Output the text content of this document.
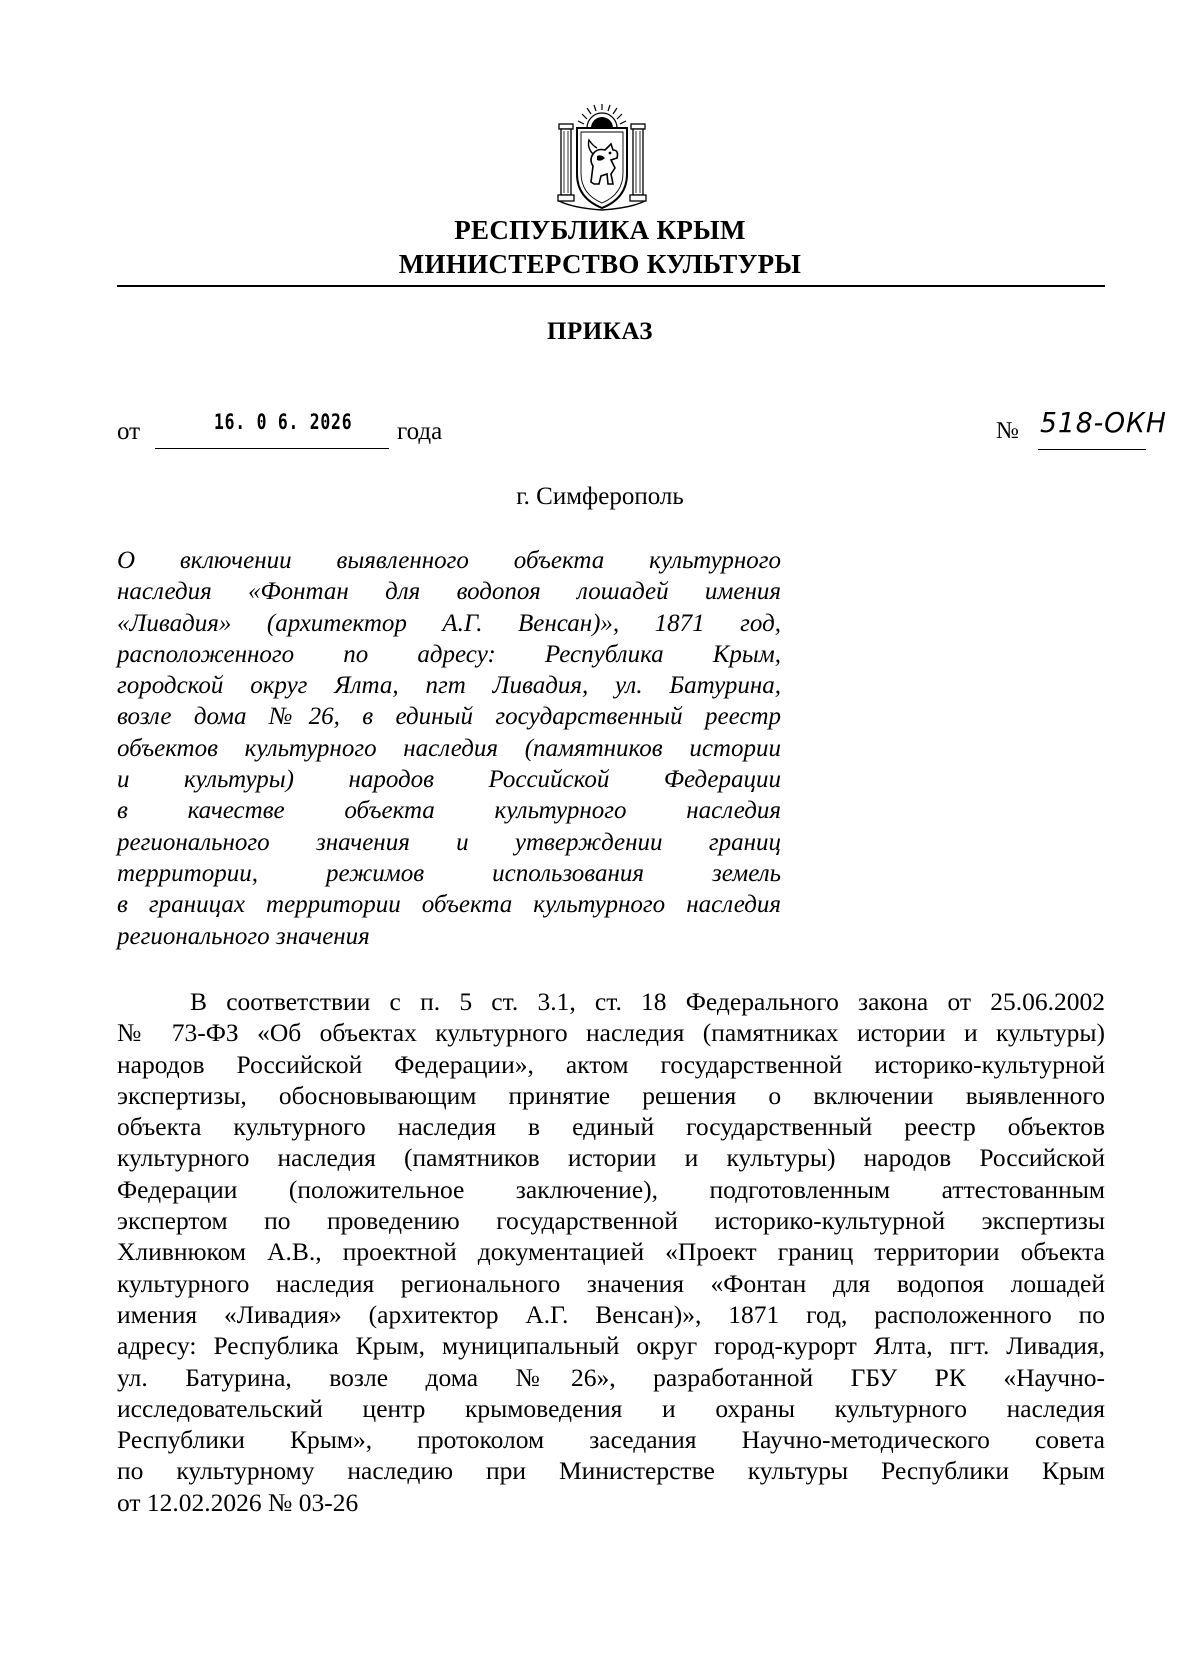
РЕСПУБЛИКА КРЫМ
МИНИСТЕРСТВО КУЛЬТУРЫ
ПРИКАЗ
от	16. 0 6. 2026 года	№ 518-ОКН
г. Симферополь
О включении выявленного объекта культурного
наследия «Фонтан для водопоя лошадей имения
«Ливадия» (архитектор А.Г. Венсан)», 1871 год,
расположенного по адресу: Республика Крым,
городской округ Ялта, пгт Ливадия, ул. Батурина,
возле дома №26, в единый государственный реестр
объектов культурного наследия (памятников истории
и культуры) народов Российской Федерации
в качестве объекта культурного наследия
регионального значения и утверждении границ
территории, режимов использования земель
в границах территории объекта культурного наследия
регионального значения
В соответствии с п. 5 ст. 3.1, ст. 18 Федерального закона от 25.06.2002
№ 73-ФЗ «Об объектах культурного наследия (памятниках истории и культуры)
народов Российской Федерации», актом государственной историко-культурной
экспертизы, обосновывающим принятие решения о включении выявленного
объекта культурного наследия в единый государственный реестр объектов
культурного наследия (памятников истории и культуры) народов Российской
Федерации (положительное заключение), подготовленным аттестованным
экспертом по проведению государственной историко-культурной экспертизы
Хливнюком А.В., проектной документацией «Проект границ территории объекта
культурного наследия регионального значения «Фонтан для водопоя лошадей
имения «Ливадия» (архитектор А.Г. Венсан)», 1871 год, расположенного по
адресу: Республика Крым, муниципальный округ город-курорт Ялта, пгт. Ливадия,
ул. Батурина, возле дома №26», разработанной ГБУ РК «Научно-
исследовательский центр крымоведения и охраны культурного наследия
Республики Крым», протоколом заседания Научно-методического совета
по культурному наследию при Министерстве культуры Республики Крым
от 12.02.2026 № 03-26
